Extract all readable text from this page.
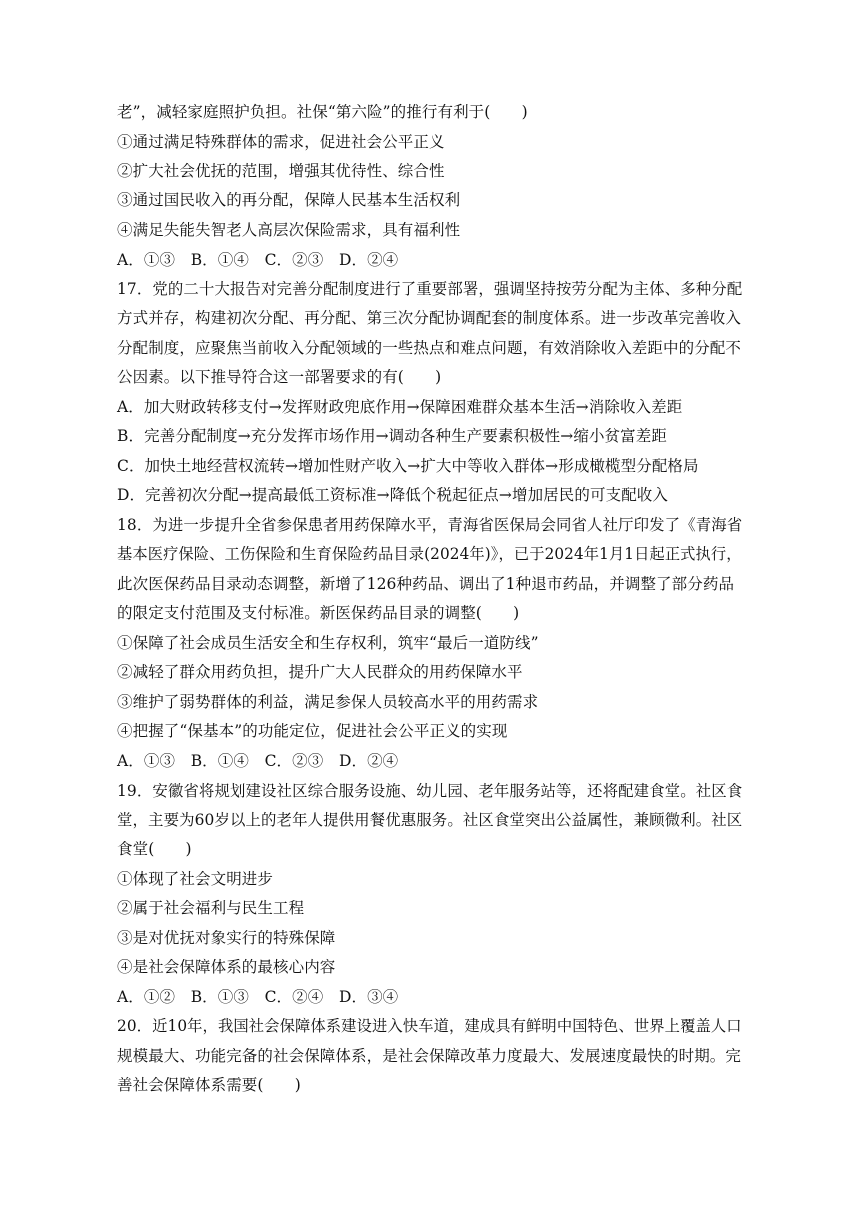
老”，减轻家庭照护负担。社保“第六险”的推行有利于(　　)
①通过满足特殊群体的需求，促进社会公平正义
②扩大社会优抚的范围，增强其优待性、综合性
③通过国民收入的再分配，保障人民基本生活权利
④满足失能失智老人高层次保险需求，具有福利性
A．①③　B．①④　C．②③　D．②④
17．党的二十大报告对完善分配制度进行了重要部署，强调坚持按劳分配为主体、多种分配
方式并存，构建初次分配、再分配、第三次分配协调配套的制度体系。进一步改革完善收入
分配制度，应聚焦当前收入分配领域的一些热点和难点问题，有效消除收入差距中的分配不
公因素。以下推导符合这一部署要求的有(　　)
A．加大财政转移支付→发挥财政兜底作用→保障困难群众基本生活→消除收入差距
B．完善分配制度→充分发挥市场作用→调动各种生产要素积极性→缩小贫富差距
C．加快土地经营权流转→增加性财产收入→扩大中等收入群体→形成橄榄型分配格局
D．完善初次分配→提高最低工资标准→降低个税起征点→增加居民的可支配收入
18．为进一步提升全省参保患者用药保障水平，青海省医保局会同省人社厅印发了《青海省
基本医疗保险、工伤保险和生育保险药品目录(2024年)》，已于2024年1月1日起正式执行，
此次医保药品目录动态调整，新增了126种药品、调出了1种退市药品，并调整了部分药品
的限定支付范围及支付标准。新医保药品目录的调整(　　)
①保障了社会成员生活安全和生存权利，筑牢“最后一道防线”
②减轻了群众用药负担，提升广大人民群众的用药保障水平
③维护了弱势群体的利益，满足参保人员较高水平的用药需求
④把握了“保基本”的功能定位，促进社会公平正义的实现
A．①③　B．①④　C．②③　D．②④
19．安徽省将规划建设社区综合服务设施、幼儿园、老年服务站等，还将配建食堂。社区食
堂，主要为60岁以上的老年人提供用餐优惠服务。社区食堂突出公益属性，兼顾微利。社区
食堂(　　)
①体现了社会文明进步
②属于社会福利与民生工程
③是对优抚对象实行的特殊保障
④是社会保障体系的最核心内容
A．①②　B．①③　C．②④　D．③④
20．近10年，我国社会保障体系建设进入快车道，建成具有鲜明中国特色、世界上覆盖人口
规模最大、功能完备的社会保障体系，是社会保障改革力度最大、发展速度最快的时期。完
善社会保障体系需要(　　)
